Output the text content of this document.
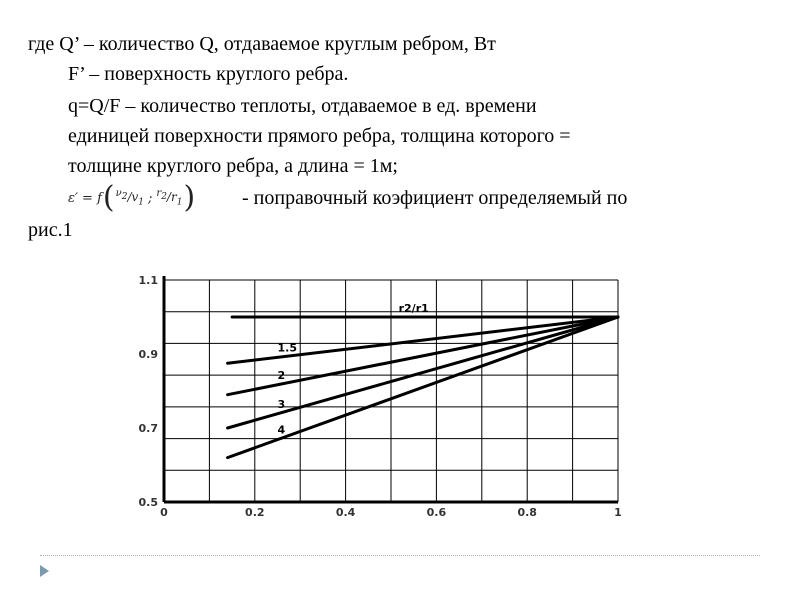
где Q’ – количество Q, отдаваемое круглым ребром, Вт
F’ – поверхность круглого ребра.
q=Q/F – количество теплоты, отдаваемое в ед. времени
единицей поверхности прямого ребра, толщина которого =
толщине круглого ребра, а длина = 1м;
ε′ = f ( $^{\nu_2}/v_1$ ; $^{r_2}/r_1$ ) - поправочный коэфициент определяемый по
рис.1
1.1
0.9
0.7
0.5
0	0.2	0.4	0.6	0.8	1
r2/r1
1.5
2
3
4
